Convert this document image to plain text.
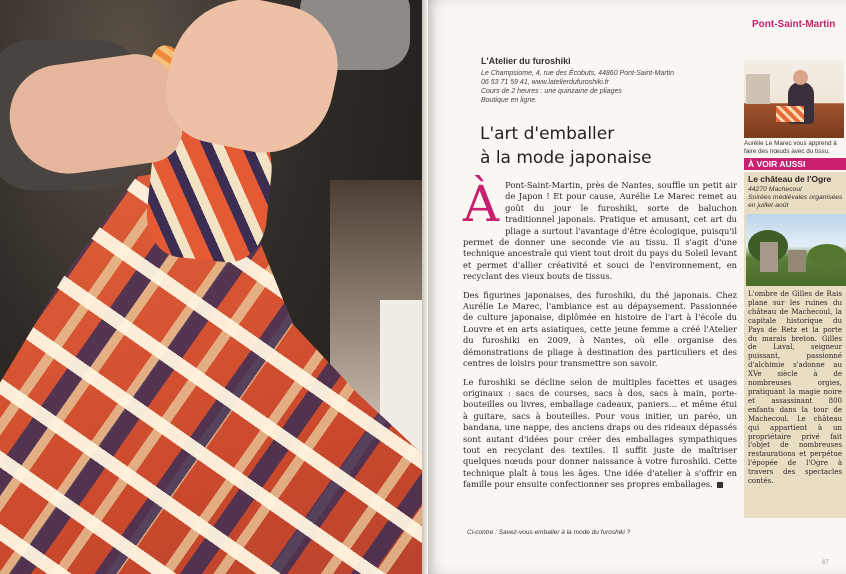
Pont-Saint-Martin
L'Atelier du furoshiki
Le Champsiome, 4, rue des Écobuts, 44860 Pont-Saint-Martin
06 53 71 59 41, www.latelierdufuroshiki.fr
Cours de 2 heures : une quinzaine de pliages
Boutique en ligne.
L'art d'emballer
à la mode japonaise

À Pont-Saint-Martin, près de Nantes, souffle un petit air de Japon ! Et pour cause, Aurélie Le Marec remet au goût du jour le furoshiki, sorte de baluchon traditionnel japonais. Pratique et amusant, cet art du pliage a surtout l'avantage d'être écologique, puisqu'il permet de donner une seconde vie au tissu. Il s'agit d'une technique ancestrale qui vient tout droit du pays du Soleil levant et permet d'allier créativité et souci de l'environnement, en recyclant des vieux bouts de tissus.

Des figurines japonaises, des furoshiki, du thé japonais. Chez Aurélie Le Marec, l'ambiance est au dépaysement. Passionnée de culture japonaise, diplômée en histoire de l'art à l'école du Louvre et en arts asiatiques, cette jeune femme a créé l'Atelier du furoshiki en 2009, à Nantes, où elle organise des démonstrations de pliage à destination des particuliers et des centres de loisirs pour transmettre son savoir.

Le furoshiki se décline selon de multiples facettes et usages originaux : sacs de courses, sacs à dos, sacs à main, porte-bouteilles ou livres, emballage cadeaux, paniers… et même étui à guitare, sacs à bouteilles. Pour vous initier, un paréo, un bandana, une nappe, des anciens draps ou des rideaux dépassés sont autant d'idées pour créer des emballages sympathiques tout en recyclant des textiles. Il suffit juste de maîtriser quelques nœuds pour donner naissance à votre furoshiki. Cette technique plaît à tous les âges. Une idée d'atelier à s'offrir en famille pour ensuite confectionner ses propres emballages.

Ci-contre : Savez-vous emballer à la mode du furoshiki ?
Aurélie Le Marec vous apprend à faire des nœuds avec du tissu.
À VOIR AUSSI
Le château de l'Ogre
44270 Machecoul
Soirées médiévales organisées en juillet-août
L'ombre de Gilles de Rais plane sur les ruines du château de Machecoul, la capitale historique du Pays de Retz et la porte du marais breton. Gilles de Laval, seigneur puissant, passionné d'alchimie s'adonne au XVe siècle à de nombreuses orgies, pratiquant la magie noire et assassinant 800 enfants dans la tour de Machecoul. Le château qui appartient à un propriétaire privé fait l'objet de nombreuses restaurations et perpétue l'épopée de l'Ogre à travers des spectacles contés.
67
